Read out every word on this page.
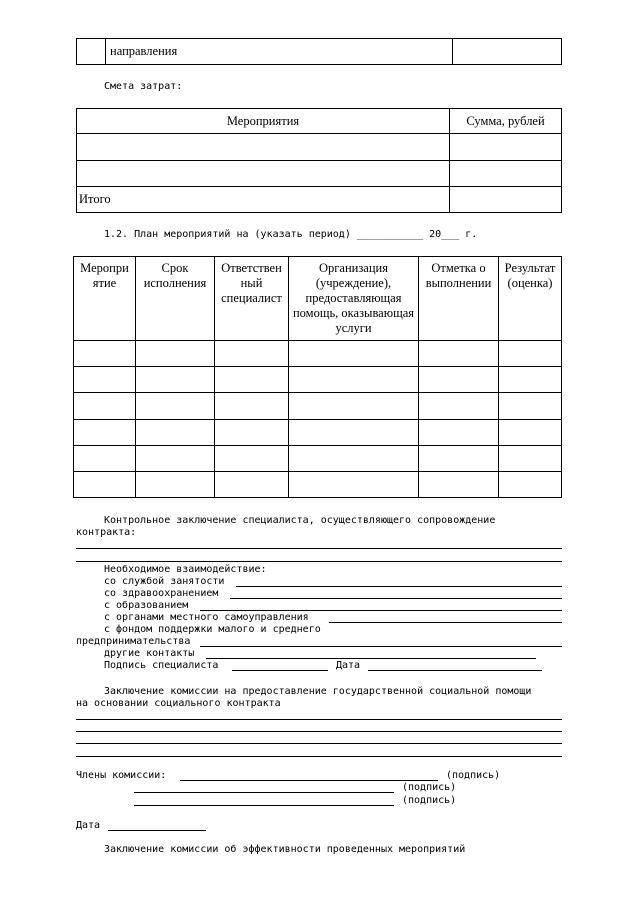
	направления	
Смета затрат:
Мероприятия	Сумма, рублей

Итого	
1.2. План мероприятий на (указать период) ___________ 20___ г.
Меропри ятие	Срок исполнения	Ответствен ный специалист	Организация (учреждение), предоставляющая помощь, оказывающая услуги	Отметка о выполнении	Результат (оценка)

Контрольное заключение специалиста, осуществляющего сопровождение
контракта:
Необходимое взаимодействие:
со службой занятости
со здравоохранением
с образованием
с органами местного самоуправления
с фондом поддержки малого и среднего
предпринимательства
другие контакты
Подпись специалиста	Дата
Заключение комиссии на предоставление государственной социальной помощи
на основании социального контракта
Члены комиссии:	(подпись)
(подпись)
(подпись)
Дата
Заключение комиссии об эффективности проведенных мероприятий
